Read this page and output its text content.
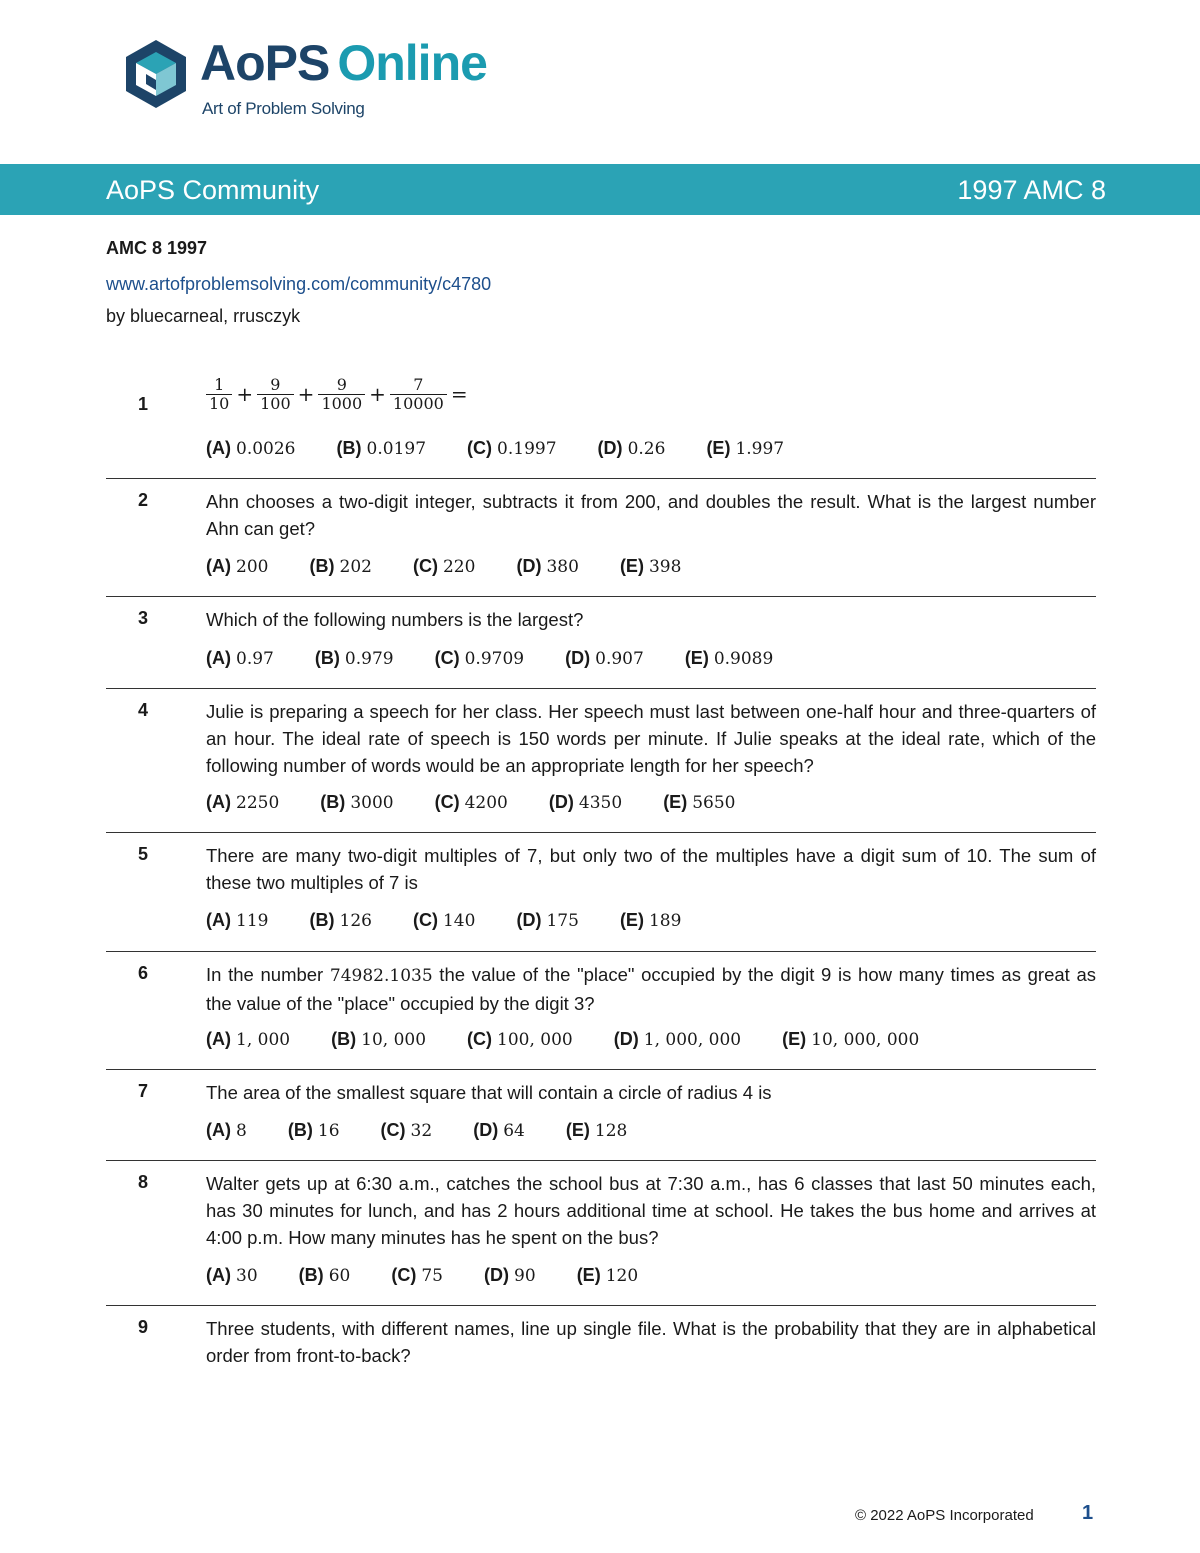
AoPS Online
Art of Problem Solving
AoPS Community	1997 AMC 8
AMC 8 1997
www.artofproblemsolving.com/community/c4780
by bluecarneal, rrusczyk
1	$\frac{1}{10} + \frac{9}{100} + \frac{9}{1000} + \frac{7}{10000}$ =
(A) 0.0026 (B) 0.0197 (C) 0.1997 (D) 0.26 (E) 1.997
2	Ahn chooses a two-digit integer, subtracts it from 200, and doubles the result. What is the largest number Ahn can get?
(A) 200 (B) 202 (C) 220 (D) 380 (E) 398
3	Which of the following numbers is the largest?
(A) 0.97 (B) 0.979 (C) 0.9709 (D) 0.907 (E) 0.9089
4	Julie is preparing a speech for her class. Her speech must last between one-half hour and three-quarters of an hour. The ideal rate of speech is 150 words per minute. If Julie speaks at the ideal rate, which of the following number of words would be an appropriate length for her speech?
(A) 2250 (B) 3000 (C) 4200 (D) 4350 (E) 5650
5	There are many two-digit multiples of 7, but only two of the multiples have a digit sum of 10. The sum of these two multiples of 7 is
(A) 119 (B) 126 (C) 140 (D) 175 (E) 189
6	In the number 74982.1035 the value of the "place" occupied by the digit 9 is how many times as great as the value of the "place" occupied by the digit 3?
(A) 1, 000 (B) 10, 000 (C) 100, 000 (D) 1, 000, 000 (E) 10, 000, 000
7	The area of the smallest square that will contain a circle of radius 4 is
(A) 8 (B) 16 (C) 32 (D) 64 (E) 128
8	Walter gets up at 6:30 a.m., catches the school bus at 7:30 a.m., has 6 classes that last 50 minutes each, has 30 minutes for lunch, and has 2 hours additional time at school. He takes the bus home and arrives at 4:00 p.m. How many minutes has he spent on the bus?
(A) 30 (B) 60 (C) 75 (D) 90 (E) 120
9	Three students, with different names, line up single file. What is the probability that they are in alphabetical order from front-to-back?
© 2022 AoPS Incorporated 1
